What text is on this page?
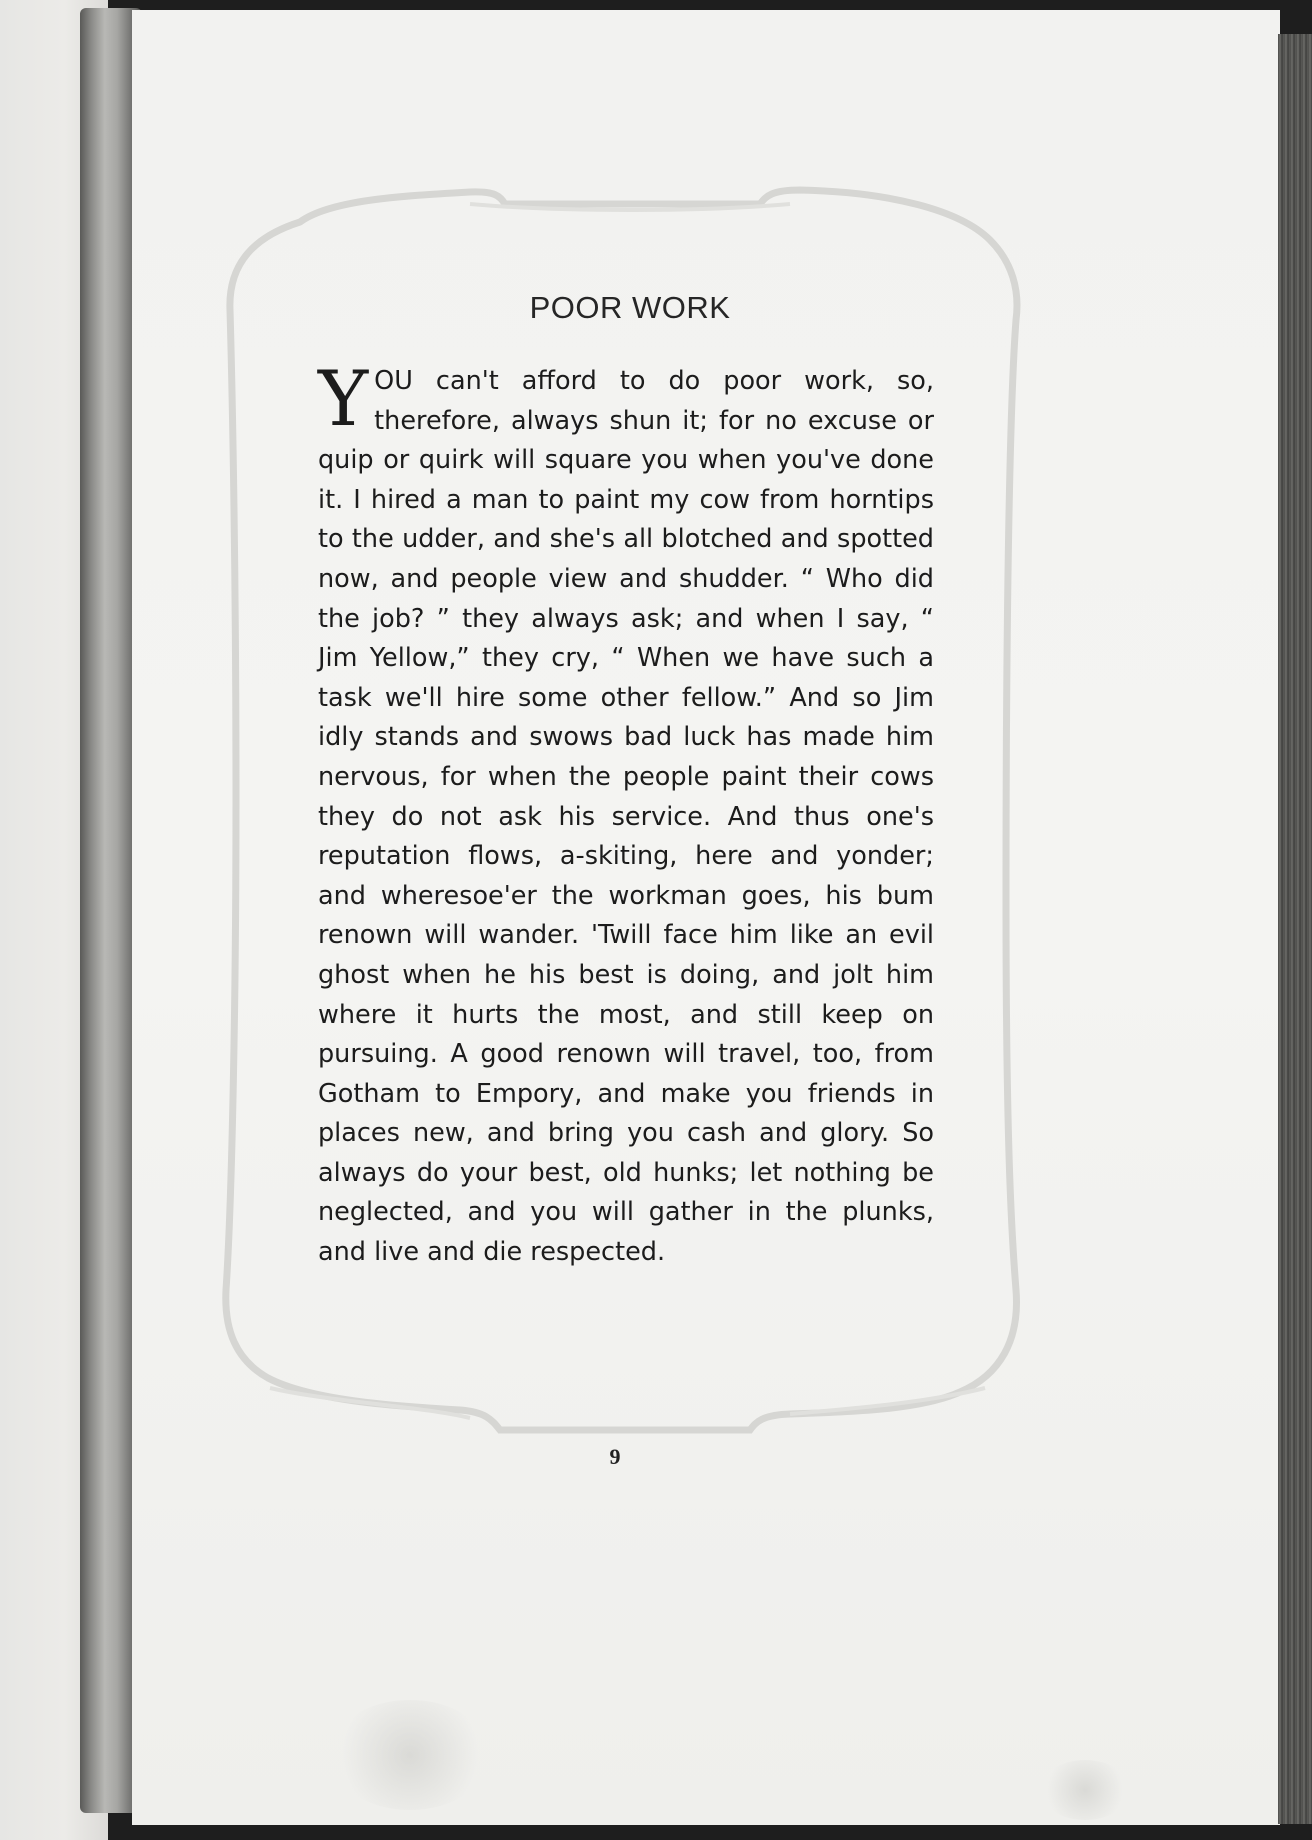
POOR WORK

YOU can't afford to do poor work, so, therefore, always shun it; for no excuse or quip or quirk will square you when you've done it. I hired a man to paint my cow from horntips to the udder, and she's all blotched and spotted now, and people view and shudder. “ Who did the job? ” they always ask; and when I say, “ Jim Yellow,” they cry, “ When we have such a task we'll hire some other fellow.” And so Jim idly stands and swows bad luck has made him nervous, for when the people paint their cows they do not ask his service. And thus one's reputation flows, a-skiting, here and yonder; and wheresoe'er the workman goes, his bum renown will wander. 'Twill face him like an evil ghost when he his best is doing, and jolt him where it hurts the most, and still keep on pursuing. A good renown will travel, too, from Gotham to Empory, and make you friends in places new, and bring you cash and glory. So always do your best, old hunks; let nothing be neglected, and you will gather in the plunks, and live and die respected.

9
